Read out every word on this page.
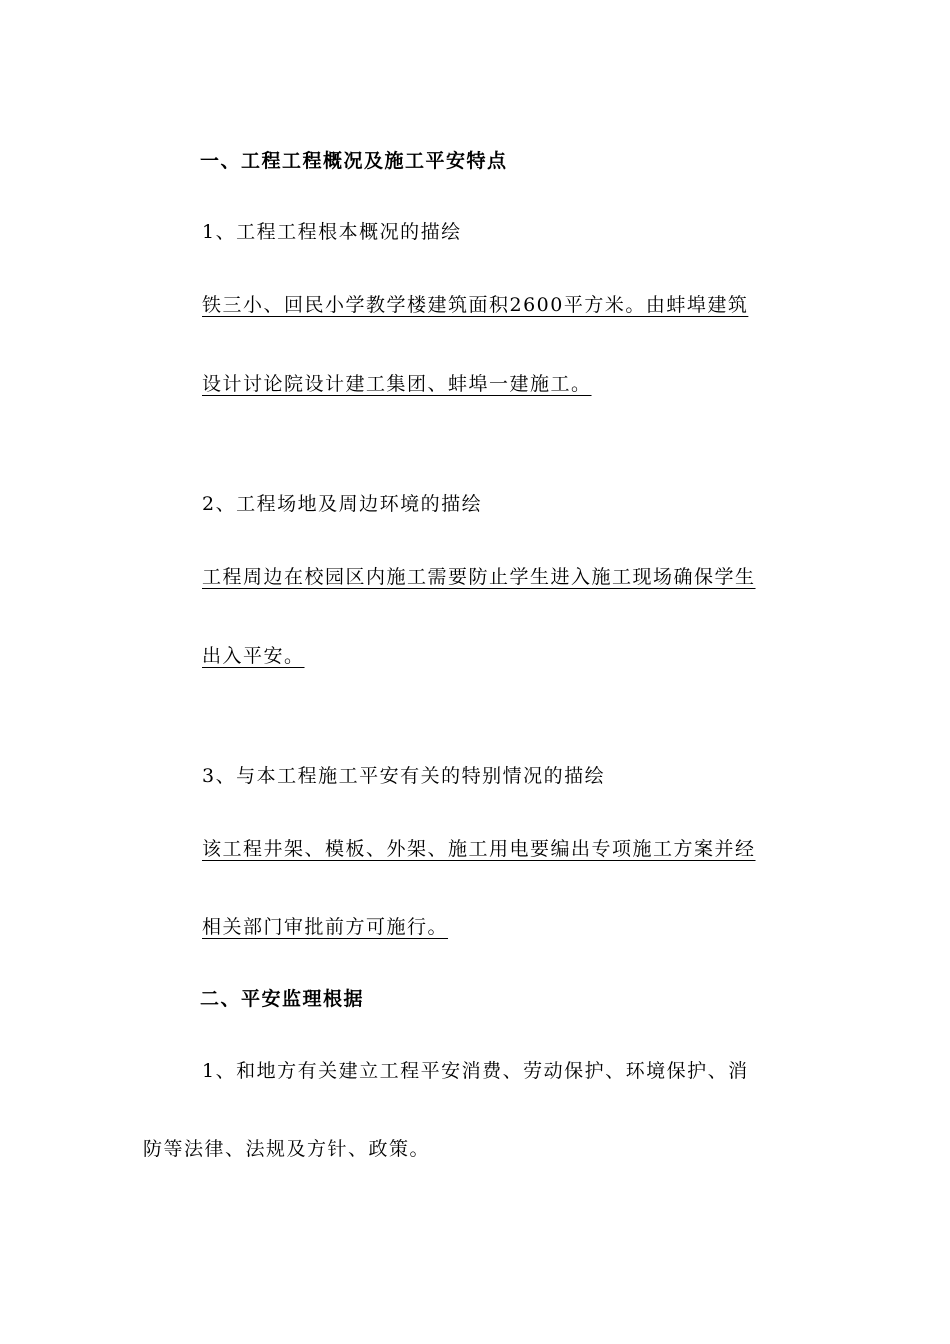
一、工程工程概况及施工平安特点
1、工程工程根本概况的描绘
铁三小、回民小学教学楼建筑面积2600平方米。由蚌埠建筑
设计讨论院设计建工集团、蚌埠一建施工。
2、工程场地及周边环境的描绘
工程周边在校园区内施工需要防止学生进入施工现场确保学生
出入平安。
3、与本工程施工平安有关的特别情况的描绘
该工程井架、模板、外架、施工用电要编出专项施工方案并经
相关部门审批前方可施行。
二、平安监理根据
1、和地方有关建立工程平安消费、劳动保护、环境保护、消
防等法律、法规及方针、政策。
